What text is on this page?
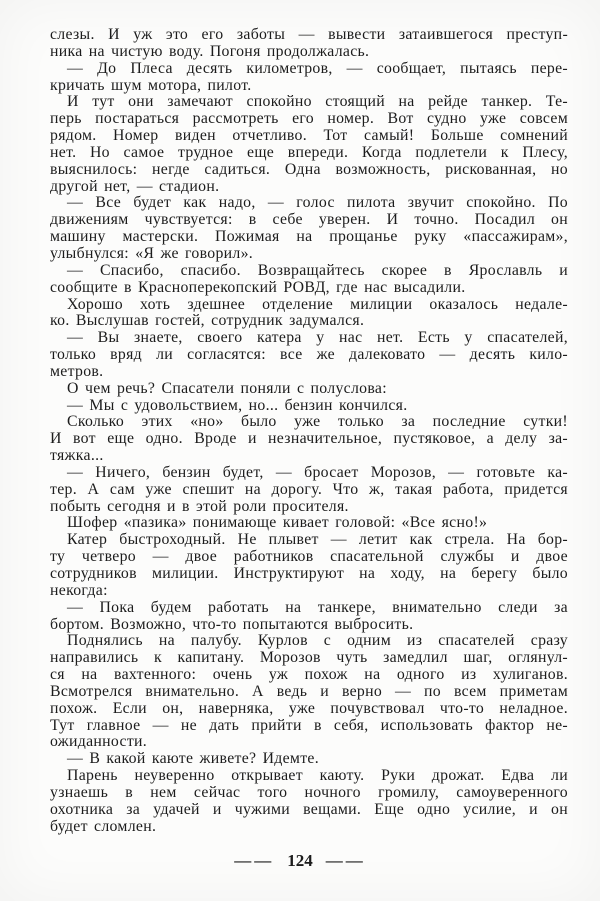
слезы. И уж это его заботы — вывести затаившегося преступ-
ника на чистую воду. Погоня продолжалась.
— До Плеса десять километров, — сообщает, пытаясь пере-
кричать шум мотора, пилот.
И тут они замечают спокойно стоящий на рейде танкер. Те-
перь постараться рассмотреть его номер. Вот судно уже совсем
рядом. Номер виден отчетливо. Тот самый! Больше сомнений
нет. Но самое трудное еще впереди. Когда подлетели к Плесу,
выяснилось: негде садиться. Одна возможность, рискованная, но
другой нет, — стадион.
— Все будет как надо, — голос пилота звучит спокойно. По
движениям чувствуется: в себе уверен. И точно. Посадил он
машину мастерски. Пожимая на прощанье руку «пассажирам»,
улыбнулся: «Я же говорил».
— Спасибо, спасибо. Возвращайтесь скорее в Ярославль и
сообщите в Красноперекопский РОВД, где нас высадили.
Хорошо хоть здешнее отделение милиции оказалось недале-
ко. Выслушав гостей, сотрудник задумался.
— Вы знаете, своего катера у нас нет. Есть у спасателей,
только вряд ли согласятся: все же далековато — десять кило-
метров.
О чем речь? Спасатели поняли с полуслова:
— Мы с удовольствием, но... бензин кончился.
Сколько этих «но» было уже только за последние сутки!
И вот еще одно. Вроде и незначительное, пустяковое, а делу за-
тяжка...
— Ничего, бензин будет, — бросает Морозов, — готовьте ка-
тер. А сам уже спешит на дорогу. Что ж, такая работа, придется
побыть сегодня и в этой роли просителя.
Шофер «пазика» понимающе кивает головой: «Все ясно!»
Катер быстроходный. Не плывет — летит как стрела. На бор-
ту четверо — двое работников спасательной службы и двое
сотрудников милиции. Инструктируют на ходу, на берегу было
некогда:
— Пока будем работать на танкере, внимательно следи за
бортом. Возможно, что-то попытаются выбросить.
Поднялись на палубу. Курлов с одним из спасателей сразу
направились к капитану. Морозов чуть замедлил шаг, оглянул-
ся на вахтенного: очень уж похож на одного из хулиганов.
Всмотрелся внимательно. А ведь и верно — по всем приметам
похож. Если он, наверняка, уже почувствовал что-то неладное.
Тут главное — не дать прийти в себя, использовать фактор не-
ожиданности.
— В какой каюте живете? Идемте.
Парень неуверенно открывает каюту. Руки дрожат. Едва ли
узнаешь в нем сейчас того ночного громилу, самоуверенного
охотника за удачей и чужими вещами. Еще одно усилие, и он
будет сломлен.
—— 124 ——
